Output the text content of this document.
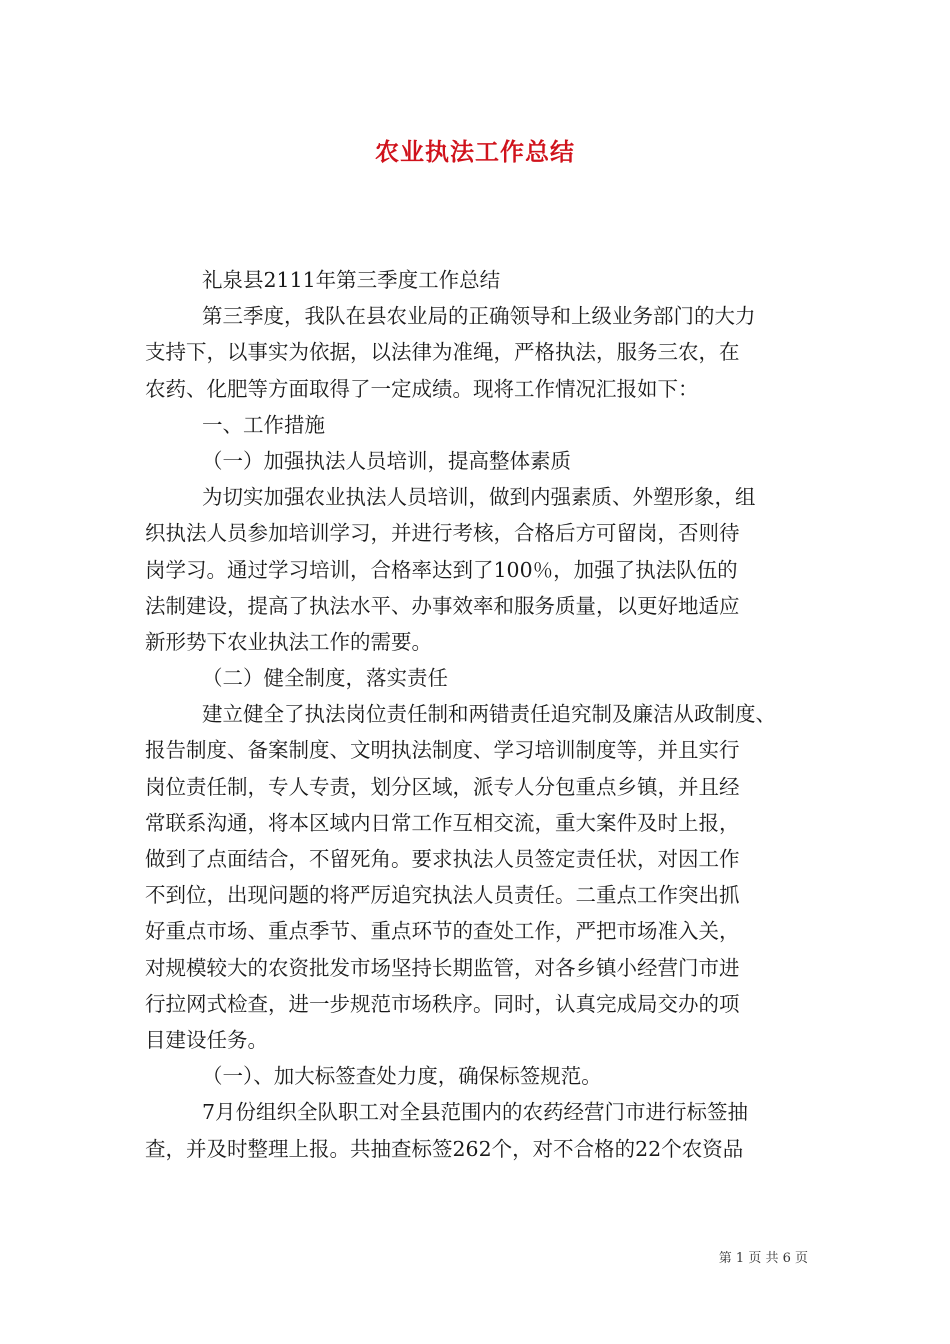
农业执法工作总结
礼泉县2111年第三季度工作总结
第三季度，我队在县农业局的正确领导和上级业务部门的大力
支持下，以事实为依据，以法律为准绳，严格执法，服务三农，在
农药、化肥等方面取得了一定成绩。现将工作情况汇报如下：
一、工作措施
（一）加强执法人员培训，提高整体素质
为切实加强农业执法人员培训，做到内强素质、外塑形象，组
织执法人员参加培训学习，并进行考核，合格后方可留岗，否则待
岗学习。通过学习培训，合格率达到了100％，加强了执法队伍的
法制建设，提高了执法水平、办事效率和服务质量，以更好地适应
新形势下农业执法工作的需要。
（二）健全制度，落实责任
建立健全了执法岗位责任制和两错责任追究制及廉洁从政制度、
报告制度、备案制度、文明执法制度、学习培训制度等，并且实行
岗位责任制，专人专责，划分区域，派专人分包重点乡镇，并且经
常联系沟通，将本区域内日常工作互相交流，重大案件及时上报，
做到了点面结合，不留死角。要求执法人员签定责任状，对因工作
不到位，出现问题的将严厉追究执法人员责任。二重点工作突出抓
好重点市场、重点季节、重点环节的查处工作，严把市场准入关，
对规模较大的农资批发市场坚持长期监管，对各乡镇小经营门市进
行拉网式检查，进一步规范市场秩序。同时，认真完成局交办的项
目建设任务。
（一）、加大标签查处力度，确保标签规范。
7月份组织全队职工对全县范围内的农药经营门市进行标签抽
查，并及时整理上报。共抽查标签262个，对不合格的22个农资品
第 1 页 共 6 页
